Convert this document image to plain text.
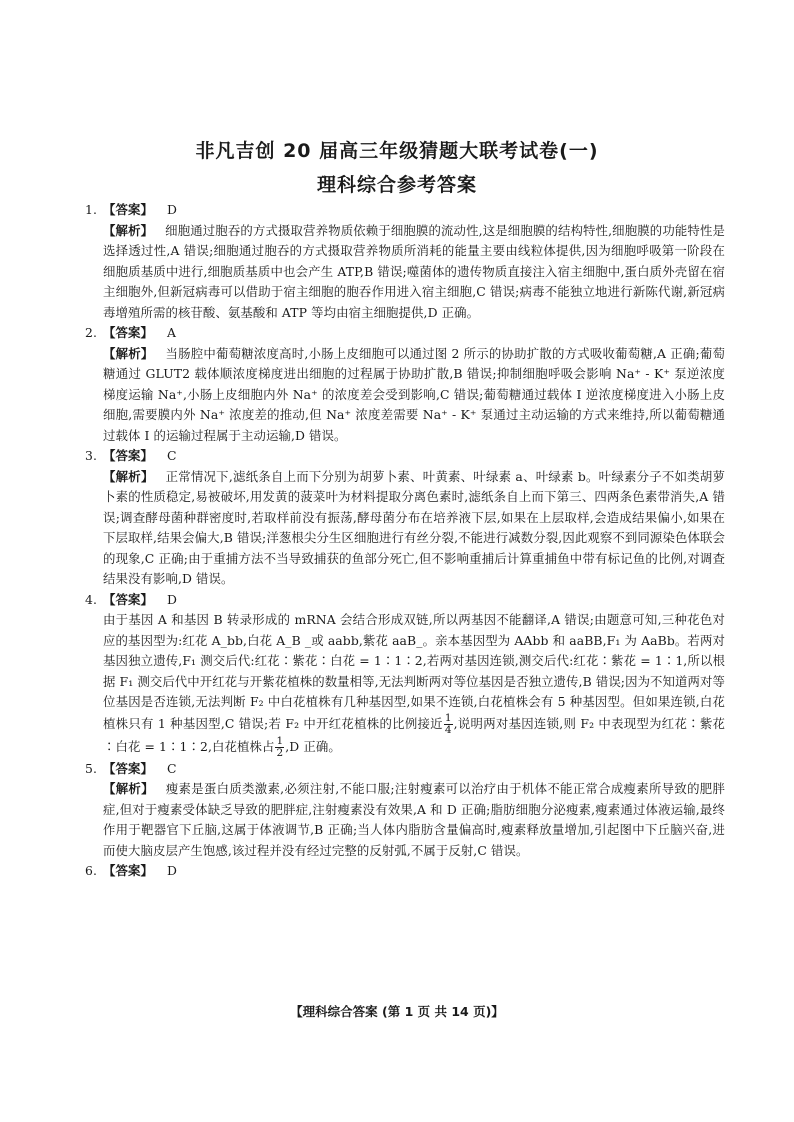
非凡吉创 20 届高三年级猜题大联考试卷(一)
理科综合参考答案

1. 【答案】 D

【解析】 细胞通过胞吞的方式摄取营养物质依赖于细胞膜的流动性,这是细胞膜的结构特性,细胞膜的功能特性是选择透过性,A 错误;细胞通过胞吞的方式摄取营养物质所消耗的能量主要由线粒体提供,因为细胞呼吸第一阶段在细胞质基质中进行,细胞质基质中也会产生 ATP,B 错误;噬菌体的遗传物质直接注入宿主细胞中,蛋白质外壳留在宿主细胞外,但新冠病毒可以借助于宿主细胞的胞吞作用进入宿主细胞,C 错误;病毒不能独立地进行新陈代谢,新冠病毒增殖所需的核苷酸、氨基酸和 ATP 等均由宿主细胞提供,D 正确。

2. 【答案】 A

【解析】 当肠腔中葡萄糖浓度高时,小肠上皮细胞可以通过图 2 所示的协助扩散的方式吸收葡萄糖,A 正确;葡萄糖通过 GLUT2 载体顺浓度梯度进出细胞的过程属于协助扩散,B 错误;抑制细胞呼吸会影响 Na⁺ - K⁺ 泵逆浓度梯度运输 Na⁺,小肠上皮细胞内外 Na⁺ 的浓度差会受到影响,C 错误;葡萄糖通过载体 Ⅰ 逆浓度梯度进入小肠上皮细胞,需要膜内外 Na⁺ 浓度差的推动,但 Na⁺ 浓度差需要 Na⁺ - K⁺ 泵通过主动运输的方式来维持,所以葡萄糖通过载体 Ⅰ 的运输过程属于主动运输,D 错误。

3. 【答案】 C

【解析】 正常情况下,滤纸条自上而下分别为胡萝卜素、叶黄素、叶绿素 a、叶绿素 b。叶绿素分子不如类胡萝卜素的性质稳定,易被破坏,用发黄的菠菜叶为材料提取分离色素时,滤纸条自上而下第三、四两条色素带消失,A 错误;调查酵母菌种群密度时,若取样前没有振荡,酵母菌分布在培养液下层,如果在上层取样,会造成结果偏小,如果在下层取样,结果会偏大,B 错误;洋葱根尖分生区细胞进行有丝分裂,不能进行减数分裂,因此观察不到同源染色体联会的现象,C 正确;由于重捕方法不当导致捕获的鱼部分死亡,但不影响重捕后计算重捕鱼中带有标记鱼的比例,对调查结果没有影响,D 错误。

4. 【答案】 D

由于基因 A 和基因 B 转录形成的 mRNA 会结合形成双链,所以两基因不能翻译,A 错误;由题意可知,三种花色对应的基因型为:红花 A_bb,白花 A_B _或 aabb,紫花 aaB_。亲本基因型为 AAbb 和 aaBB,F₁ 为 AaBb。若两对基因独立遗传,F₁ 测交后代:红花∶紫花∶白花 = 1∶1∶2,若两对基因连锁,测交后代:红花∶紫花 = 1∶1,所以根据 F₁ 测交后代中开红花与开紫花植株的数量相等,无法判断两对等位基因是否独立遗传,B 错误;因为不知道两对等位基因是否连锁,无法判断 F₂ 中白花植株有几种基因型,如果不连锁,白花植株会有 5 种基因型。但如果连锁,白花植株只有 1 种基因型,C 错误;若 F₂ 中开红花植株的比例接近 $\frac{1}{4}$ ,说明两对基因连锁,则 F₂ 中表现型为红花∶紫花∶白花 = 1∶1∶2,白花植株占 $\frac{1}{2} ,D$ 正确。

5. 【答案】 C

【解析】 瘦素是蛋白质类激素,必须注射,不能口服;注射瘦素可以治疗由于机体不能正常合成瘦素所导致的肥胖症,但对于瘦素受体缺乏导致的肥胖症,注射瘦素没有效果,A 和 D 正确;脂肪细胞分泌瘦素,瘦素通过体液运输,最终作用于靶器官下丘脑,这属于体液调节,B 正确;当人体内脂肪含量偏高时,瘦素释放量增加,引起图中下丘脑兴奋,进而使大脑皮层产生饱感,该过程并没有经过完整的反射弧,不属于反射,C 错误。

6. 【答案】 D

【理科综合答案 (第 1 页 共 14 页)】
